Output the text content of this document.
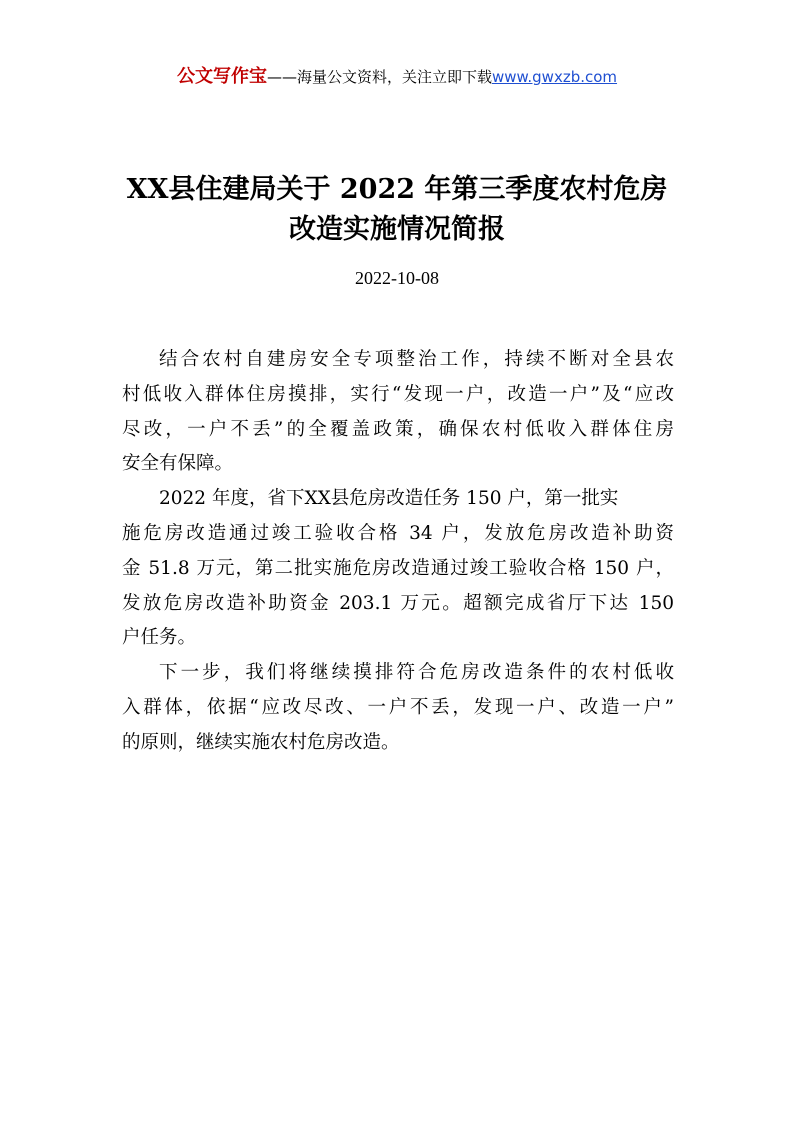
公文写作宝——海量公文资料，关注立即下载www.gwxzb.com
XX县住建局关于 2022 年第三季度农村危房
改造实施情况简报
2022-10-08
结合农村自建房安全专项整治工作，持续不断对全县农
村低收入群体住房摸排，实行“发现一户，改造一户”及“应改
尽改，一户不丢”的全覆盖政策，确保农村低收入群体住房
安全有保障。
2022 年度，省下XX县危房改造任务 150 户，第一批实
施危房改造通过竣工验收合格 34 户，发放危房改造补助资
金 51.8 万元，第二批实施危房改造通过竣工验收合格 150 户，
发放危房改造补助资金 203.1 万元。超额完成省厅下达 150
户任务。
下一步，我们将继续摸排符合危房改造条件的农村低收
入群体，依据“应改尽改、一户不丢，发现一户、改造一户”
的原则，继续实施农村危房改造。
